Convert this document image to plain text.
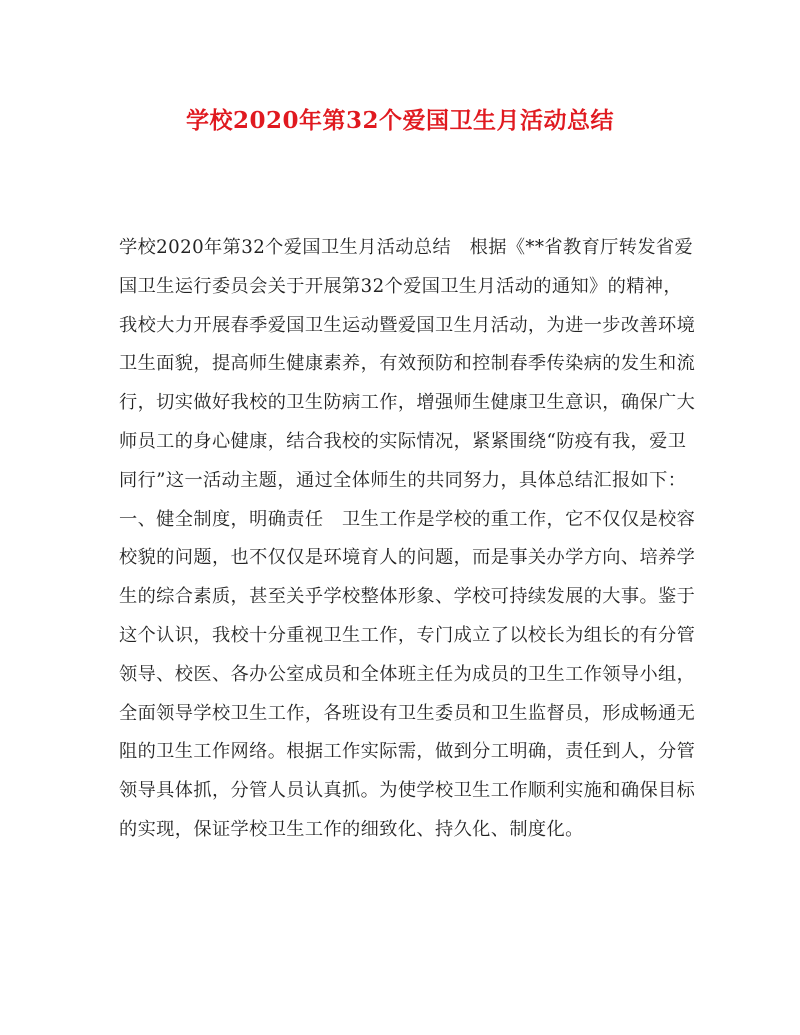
学校2020年第32个爱国卫生月活动总结
学校2020年第32个爱国卫生月活动总结　根据《**省教育厅转发省爱
国卫生运行委员会关于开展第32个爱国卫生月活动的通知》的精神，
我校大力开展春季爱国卫生运动暨爱国卫生月活动，为进一步改善环境
卫生面貌，提高师生健康素养，有效预防和控制春季传染病的发生和流
行，切实做好我校的卫生防病工作，增强师生健康卫生意识，确保广大
师员工的身心健康，结合我校的实际情况，紧紧围绕“防疫有我，爱卫
同行”这一活动主题，通过全体师生的共同努力，具体总结汇报如下：
一、健全制度，明确责任　卫生工作是学校的重工作，它不仅仅是校容
校貌的问题，也不仅仅是环境育人的问题，而是事关办学方向、培养学
生的综合素质，甚至关乎学校整体形象、学校可持续发展的大事。鉴于
这个认识，我校十分重视卫生工作，专门成立了以校长为组长的有分管
领导、校医、各办公室成员和全体班主任为成员的卫生工作领导小组，
全面领导学校卫生工作，各班设有卫生委员和卫生监督员，形成畅通无
阻的卫生工作网络。根据工作实际需，做到分工明确，责任到人，分管
领导具体抓，分管人员认真抓。为使学校卫生工作顺利实施和确保目标
的实现，保证学校卫生工作的细致化、持久化、制度化。
